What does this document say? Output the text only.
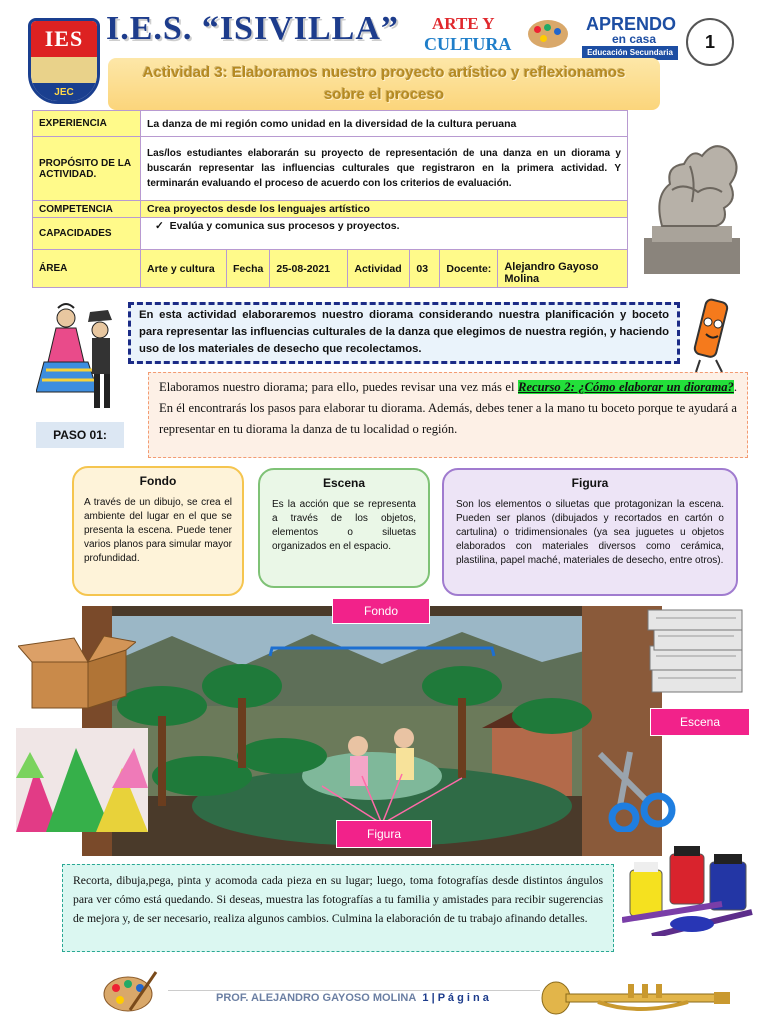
IES
JEC
I.E.S. “ISIVILLA”	ARTE Y
CULTURA
APRENDO
en casa
Educación Secundaria
1
Actividad 3: Elaboramos nuestro proyecto artístico y reflexionamos
sobre el proceso
EXPERIENCIA	La danza de mi región como unidad en la diversidad de la cultura peruana						
PROPÓSITO DE LA ACTIVIDAD.	Las/los estudiantes elaborarán su proyecto de representación de una danza en un diorama y buscarán representar las influencias culturales que registraron en la primera actividad. Y terminarán evaluando el proceso de acuerdo con los criterios de evaluación.						
COMPETENCIA	Crea proyectos desde los lenguajes artístico						
CAPACIDADES	✓  Evalúa y comunica sus procesos y proyectos.						
ÁREA	Arte y cultura	Fecha	25-08-2021	Actividad	03	Docente:	Alejandro Gayoso Molina
PASO 01:
En esta actividad elaboraremos nuestro diorama considerando nuestra planificación y boceto para representar las influencias culturales de la danza que elegimos de nuestra región, y haciendo uso de los materiales de desecho que recolectamos.
Elaboramos nuestro diorama; para ello, puedes revisar una vez más el Recurso 2: ¿Cómo elaborar un diorama?. En él encontrarás los pasos para elaborar tu diorama. Además, debes tener a la mano tu boceto porque te ayudará a representar en tu diorama la danza de tu localidad o región.
Fondo
A través de un dibujo, se crea el ambiente del lugar en el que se presenta la escena. Puede tener varios planos para simular mayor profundidad.
Escena
Es la acción que se representa a través de los objetos, elementos o siluetas organizados en el espacio.
Figura
Son los elementos o siluetas que protagonizan la escena. Pueden ser planos (dibujados y recortados en cartón o cartulina) o tridimensionales (ya sea juguetes u objetos elaborados con materiales diversos como cerámica, plastilina, papel maché, materiales de desecho, entre otros).
Fondo
Escena
Figura
Recorta, dibuja,pega, pinta y acomoda cada pieza en su lugar; luego, toma fotografías desde distintos ángulos para ver cómo está quedando. Si deseas, muestra las fotografías a tu familia y amistades para recibir sugerencias de mejora y, de ser necesario, realiza algunos cambios. Culmina la elaboración de tu trabajo afinando detalles.
PROF. ALEJANDRO GAYOSO MOLINA 1 | P á g i n a
